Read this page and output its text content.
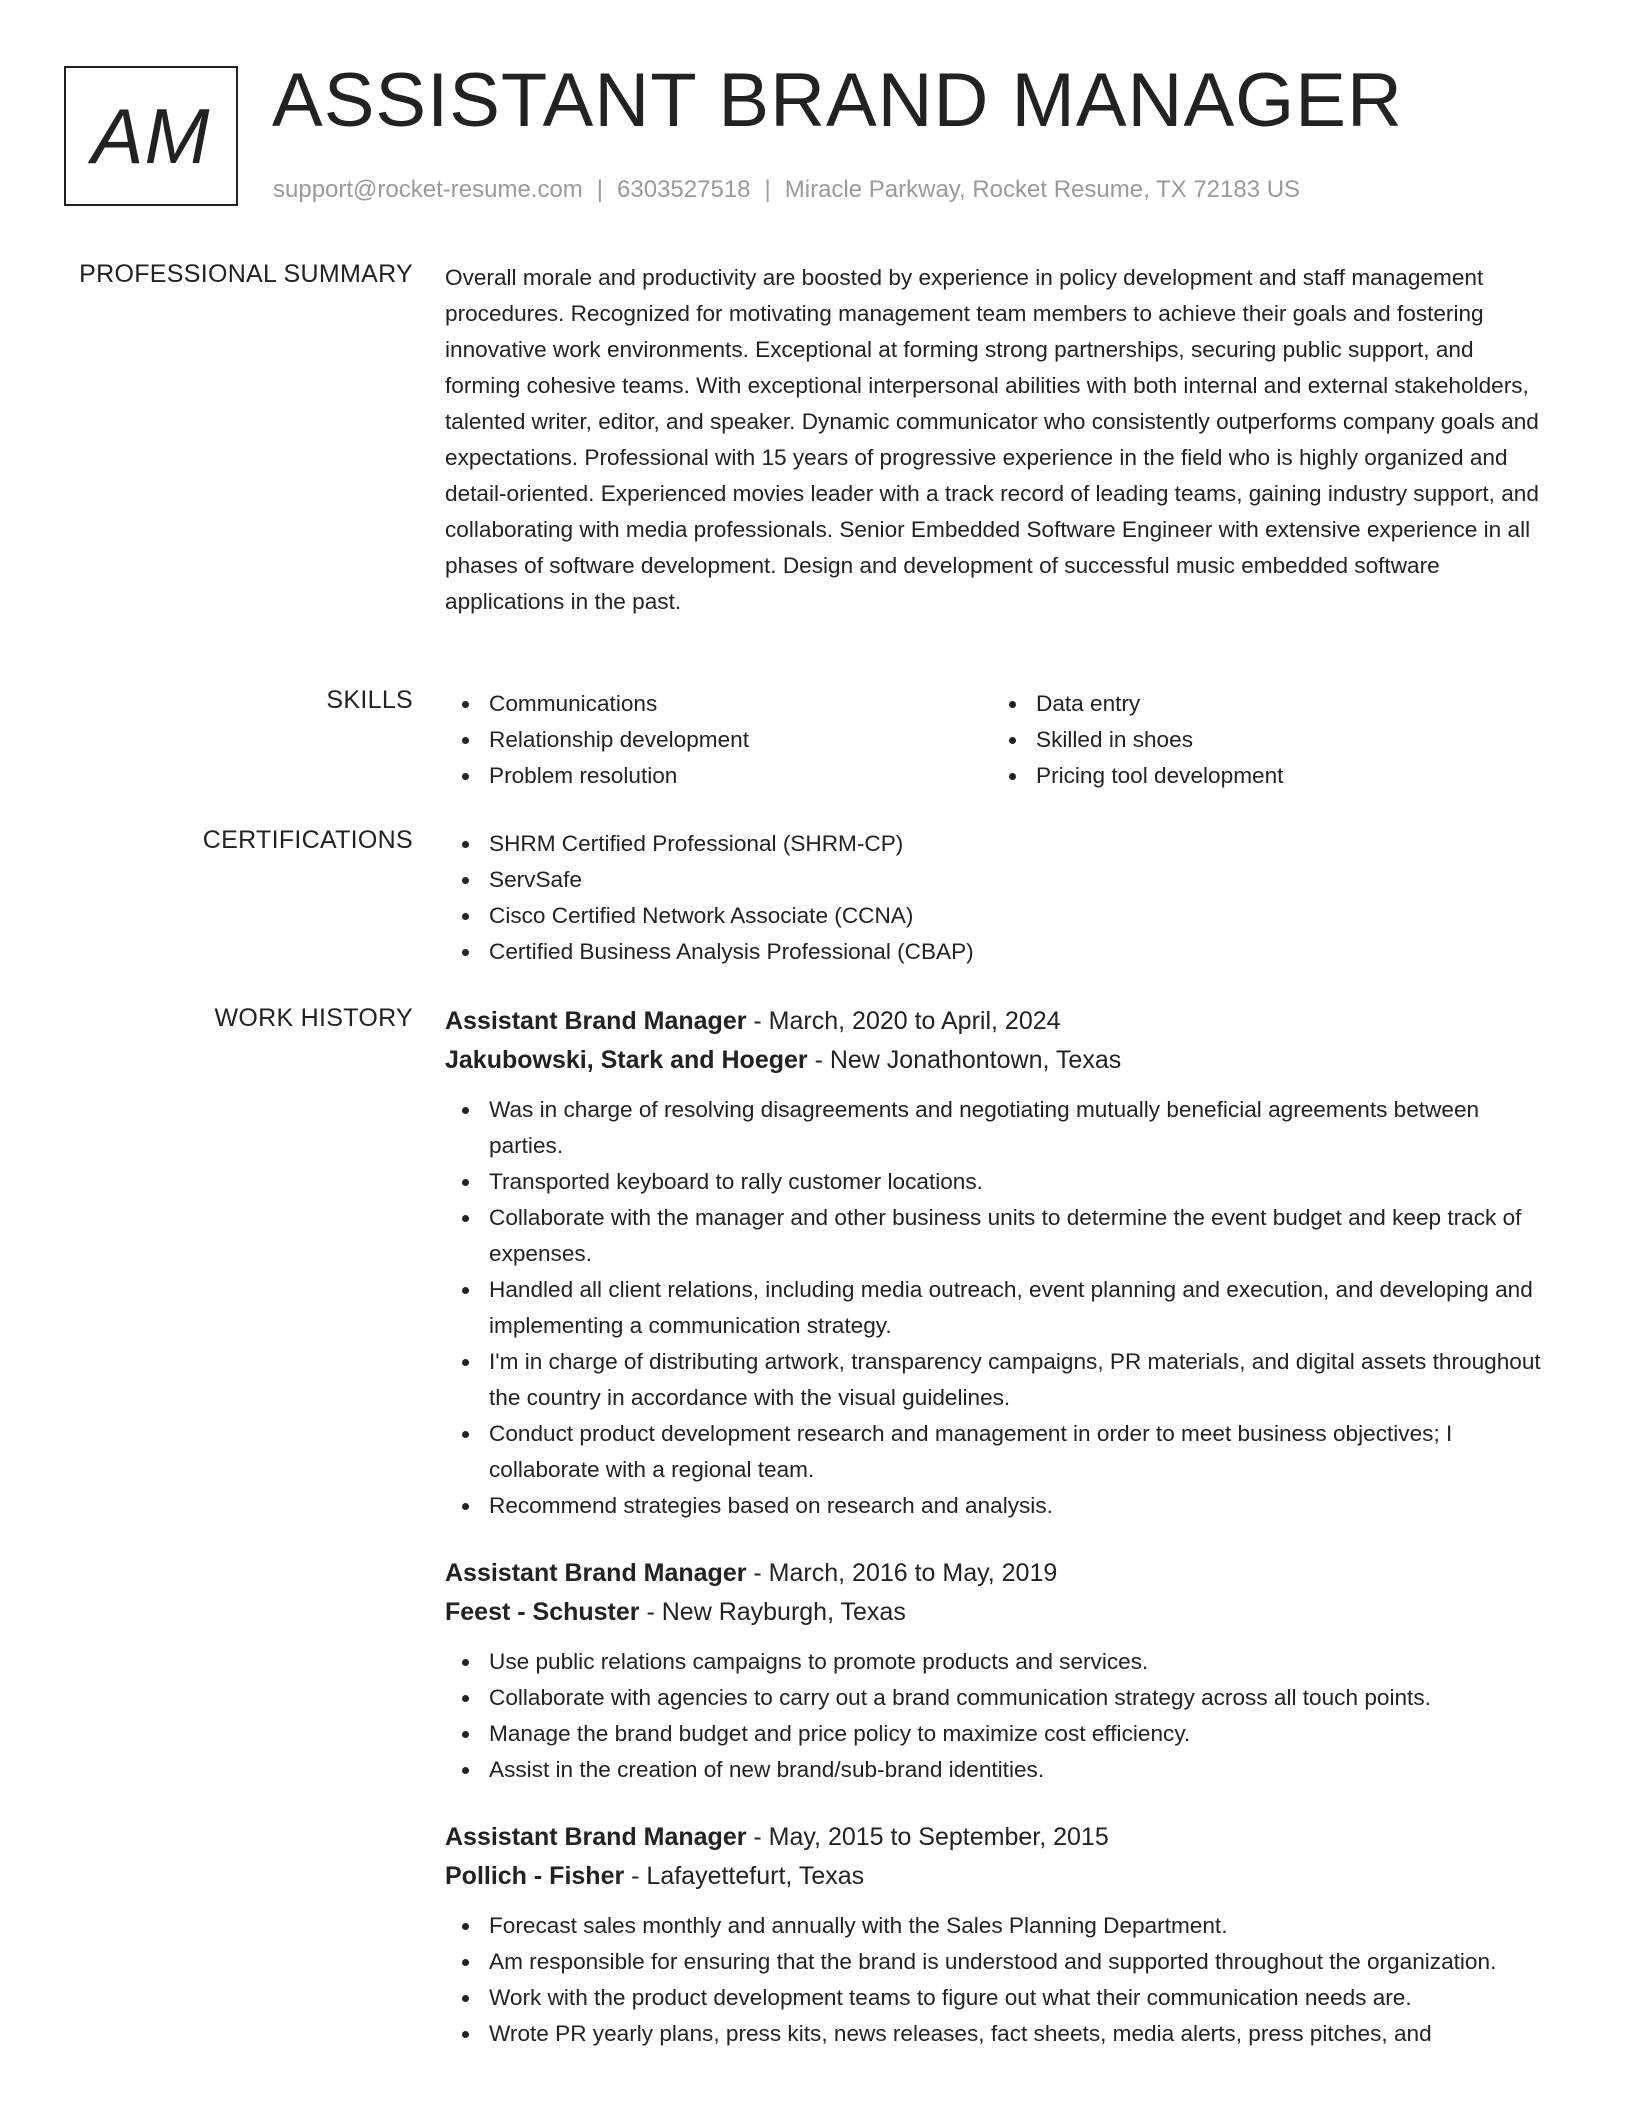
AM ASSISTANT BRAND MANAGER
support@rocket-resume.com | 6303527518 | Miracle Parkway, Rocket Resume, TX 72183 US
PROFESSIONAL SUMMARY Overall morale and productivity are boosted by experience in policy development and staff management procedures. Recognized for motivating management team members to achieve their goals and fostering innovative work environments. Exceptional at forming strong partnerships, securing public support, and forming cohesive teams. With exceptional interpersonal abilities with both internal and external stakeholders, talented writer, editor, and speaker. Dynamic communicator who consistently outperforms company goals and expectations. Professional with 15 years of progressive experience in the field who is highly organized and detail-oriented. Experienced movies leader with a track record of leading teams, gaining industry support, and collaborating with media professionals. Senior Embedded Software Engineer with extensive experience in all phases of software development. Design and development of successful music embedded software applications in the past.
SKILLS	Communications
Relationship development
Problem resolution
Data entry
Skilled in shoes
Pricing tool development
CERTIFICATIONS	SHRM Certified Professional (SHRM-CP)
ServSafe
Cisco Certified Network Associate (CCNA)
Certified Business Analysis Professional (CBAP)
WORK HISTORY Assistant Brand Manager - March, 2020 to April, 2024
Jakubowski, Stark and Hoeger - New Jonathontown, Texas
Was in charge of resolving disagreements and negotiating mutually beneficial agreements between parties.
Transported keyboard to rally customer locations.
Collaborate with the manager and other business units to determine the event budget and keep track of expenses.
Handled all client relations, including media outreach, event planning and execution, and developing and implementing a communication strategy.
I'm in charge of distributing artwork, transparency campaigns, PR materials, and digital assets throughout the country in accordance with the visual guidelines.
Conduct product development research and management in order to meet business objectives; I collaborate with a regional team.
Recommend strategies based on research and analysis.
Assistant Brand Manager - March, 2016 to May, 2019
Feest - Schuster - New Rayburgh, Texas
Use public relations campaigns to promote products and services.
Collaborate with agencies to carry out a brand communication strategy across all touch points.
Manage the brand budget and price policy to maximize cost efficiency.
Assist in the creation of new brand/sub-brand identities.
Assistant Brand Manager - May, 2015 to September, 2015
Pollich - Fisher - Lafayettefurt, Texas
Forecast sales monthly and annually with the Sales Planning Department.
Am responsible for ensuring that the brand is understood and supported throughout the organization.
Work with the product development teams to figure out what their communication needs are.
Wrote PR yearly plans, press kits, news releases, fact sheets, media alerts, press pitches, and
